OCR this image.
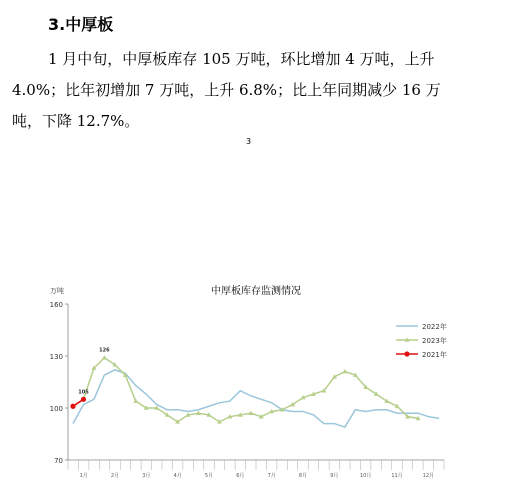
3.中厚板
1 月中旬，中厚板库存 105 万吨，环比增加 4 万吨，上升
4.0%；比年初增加 7 万吨，上升 6.8%；比上年同期减少 16 万
吨，下降 12.7%。
3
中厚板库存监测情况
万吨
70
100
130
160
1月	2月	3月	4月	5月	6月	7月	8月	9月	10月	11月	12月
105
126
2022年
2023年
2021年
